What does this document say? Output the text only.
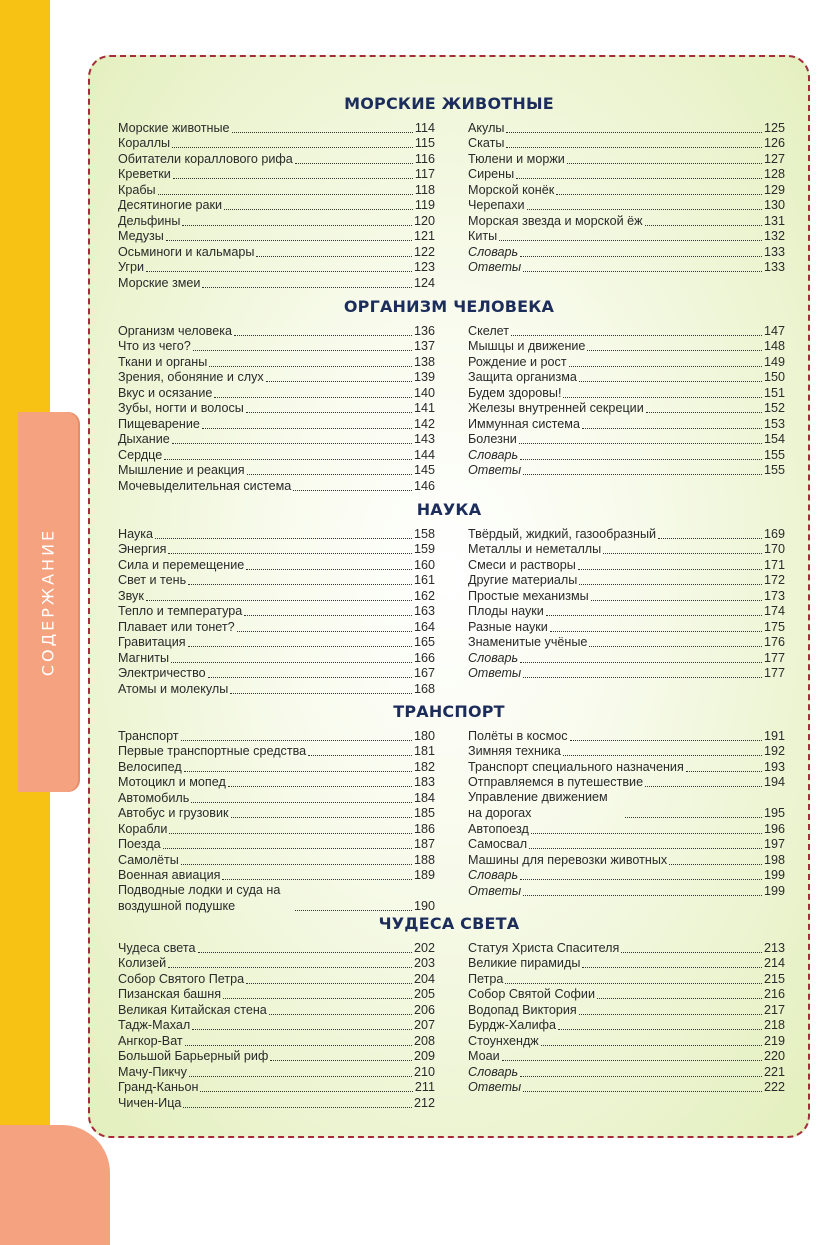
СОДЕРЖАНИЕ
МОРСКИЕ ЖИВОТНЫЕ
Морские животные	114
Кораллы	115
Обитатели кораллового рифа	116
Креветки	117
Крабы	118
Десятиногие раки	119
Дельфины	120
Медузы	121
Осьминоги и кальмары	122
Угри	123
Морские змеи	124
Акулы	125
Скаты	126
Тюлени и моржи	127
Сирены	128
Морской конёк	129
Черепахи	130
Морская звезда и морской ёж	131
Киты	132
Словарь	133
Ответы	133
ОРГАНИЗМ ЧЕЛОВЕКА
Организм человека	136
Что из чего?	137
Ткани и органы	138
Зрения, обоняние и слух	139
Вкус и осязание	140
Зубы, ногти и волосы	141
Пищеварение	142
Дыхание	143
Сердце	144
Мышление и реакция	145
Мочевыделительная система	146
Скелет	147
Мышцы и движение	148
Рождение и рост	149
Защита организма	150
Будем здоровы!	151
Железы внутренней секреции	152
Иммунная система	153
Болезни	154
Словарь	155
Ответы	155
НАУКА
Наука	158
Энергия	159
Сила и перемещение	160
Свет и тень	161
Звук	162
Тепло и температура	163
Плавает или тонет?	164
Гравитация	165
Магниты	166
Электричество	167
Атомы и молекулы	168
Твёрдый, жидкий, газообразный	169
Металлы и неметаллы	170
Смеси и растворы	171
Другие материалы	172
Простые механизмы	173
Плоды науки	174
Разные науки	175
Знаменитые учёные	176
Словарь	177
Ответы	177
ТРАНСПОРТ
Транспорт	180
Первые транспортные средства	181
Велосипед	182
Мотоцикл и мопед	183
Автомобиль	184
Автобус и грузовик	185
Корабли	186
Поезда	187
Самолёты	188
Военная авиация	189
Подводные лодки и суда на воздушной подушке	190
Полёты в космос	191
Зимняя техника	192
Транспорт специального назначения	193
Отправляемся в путешествие	194
Управление движением на дорогах	195
Автопоезд	196
Самосвал	197
Машины для перевозки животных	198
Словарь	199
Ответы	199
ЧУДЕСА СВЕТА
Чудеса света	202
Колизей	203
Собор Святого Петра	204
Пизанская башня	205
Великая Китайская стена	206
Тадж-Махал	207
Ангкор-Ват	208
Большой Барьерный риф	209
Мачу-Пикчу	210
Гранд-Каньон	211
Чичен-Ица	212
Статуя Христа Спасителя	213
Великие пирамиды	214
Петра	215
Собор Святой Софии	216
Водопад Виктория	217
Бурдж-Халифа	218
Стоунхендж	219
Моаи	220
Словарь	221
Ответы	222
